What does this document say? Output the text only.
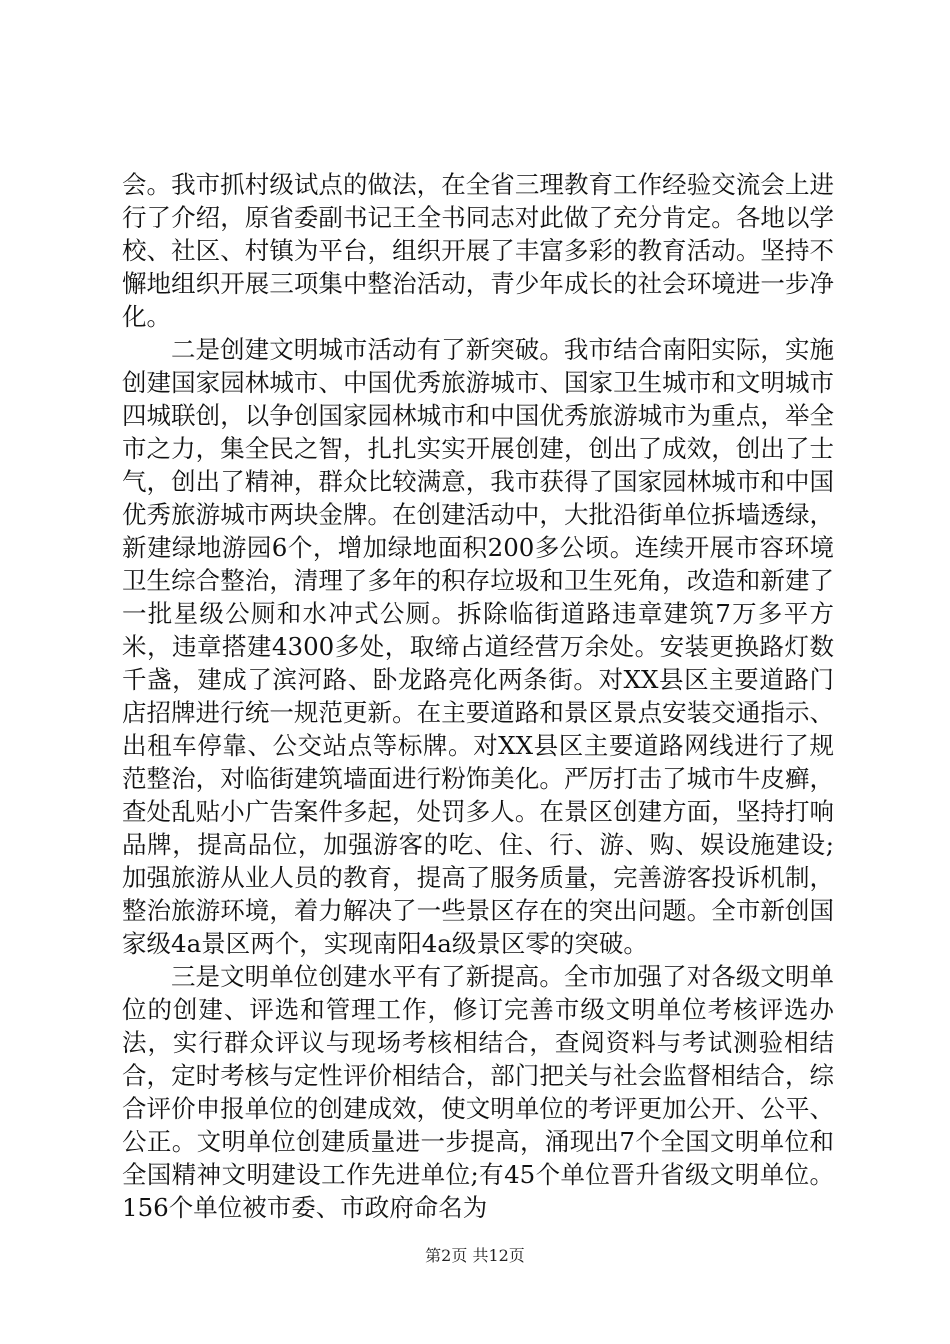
会。我市抓村级试点的做法，在全省三理教育工作经验交流会上进行了介绍，原省委副书记王全书同志对此做了充分肯定。各地以学校、社区、村镇为平台，组织开展了丰富多彩的教育活动。坚持不懈地组织开展三项集中整治活动，青少年成长的社会环境进一步净化。

二是创建文明城市活动有了新突破。我市结合南阳实际，实施创建国家园林城市、中国优秀旅游城市、国家卫生城市和文明城市四城联创，以争创国家园林城市和中国优秀旅游城市为重点，举全市之力，集全民之智，扎扎实实开展创建，创出了成效，创出了士气，创出了精神，群众比较满意，我市获得了国家园林城市和中国优秀旅游城市两块金牌。在创建活动中，大批沿街单位拆墙透绿，新建绿地游园6个，增加绿地面积200多公顷。连续开展市容环境卫生综合整治，清理了多年的积存垃圾和卫生死角，改造和新建了一批星级公厕和水冲式公厕。拆除临街道路违章建筑7万多平方米，违章搭建4300多处，取缔占道经营万余处。安装更换路灯数千盏，建成了滨河路、卧龙路亮化两条街。对XX县区主要道路门店招牌进行统一规范更新。在主要道路和景区景点安装交通指示、出租车停靠、公交站点等标牌。对XX县区主要道路网线进行了规范整治，对临街建筑墙面进行粉饰美化。严厉打击了城市牛皮癣，查处乱贴小广告案件多起，处罚多人。在景区创建方面，坚持打响品牌，提高品位，加强游客的吃、住、行、游、购、娱设施建设;加强旅游从业人员的教育，提高了服务质量，完善游客投诉机制，整治旅游环境，着力解决了一些景区存在的突出问题。全市新创国家级4a景区两个，实现南阳4a级景区零的突破。

三是文明单位创建水平有了新提高。全市加强了对各级文明单位的创建、评选和管理工作，修订完善市级文明单位考核评选办法，实行群众评议与现场考核相结合，查阅资料与考试测验相结合，定时考核与定性评价相结合，部门把关与社会监督相结合，综合评价申报单位的创建成效，使文明单位的考评更加公开、公平、公正。文明单位创建质量进一步提高，涌现出7个全国文明单位和全国精神文明建设工作先进单位;有45个单位晋升省级文明单位。156个单位被市委、市政府命名为

第2页 共12页
